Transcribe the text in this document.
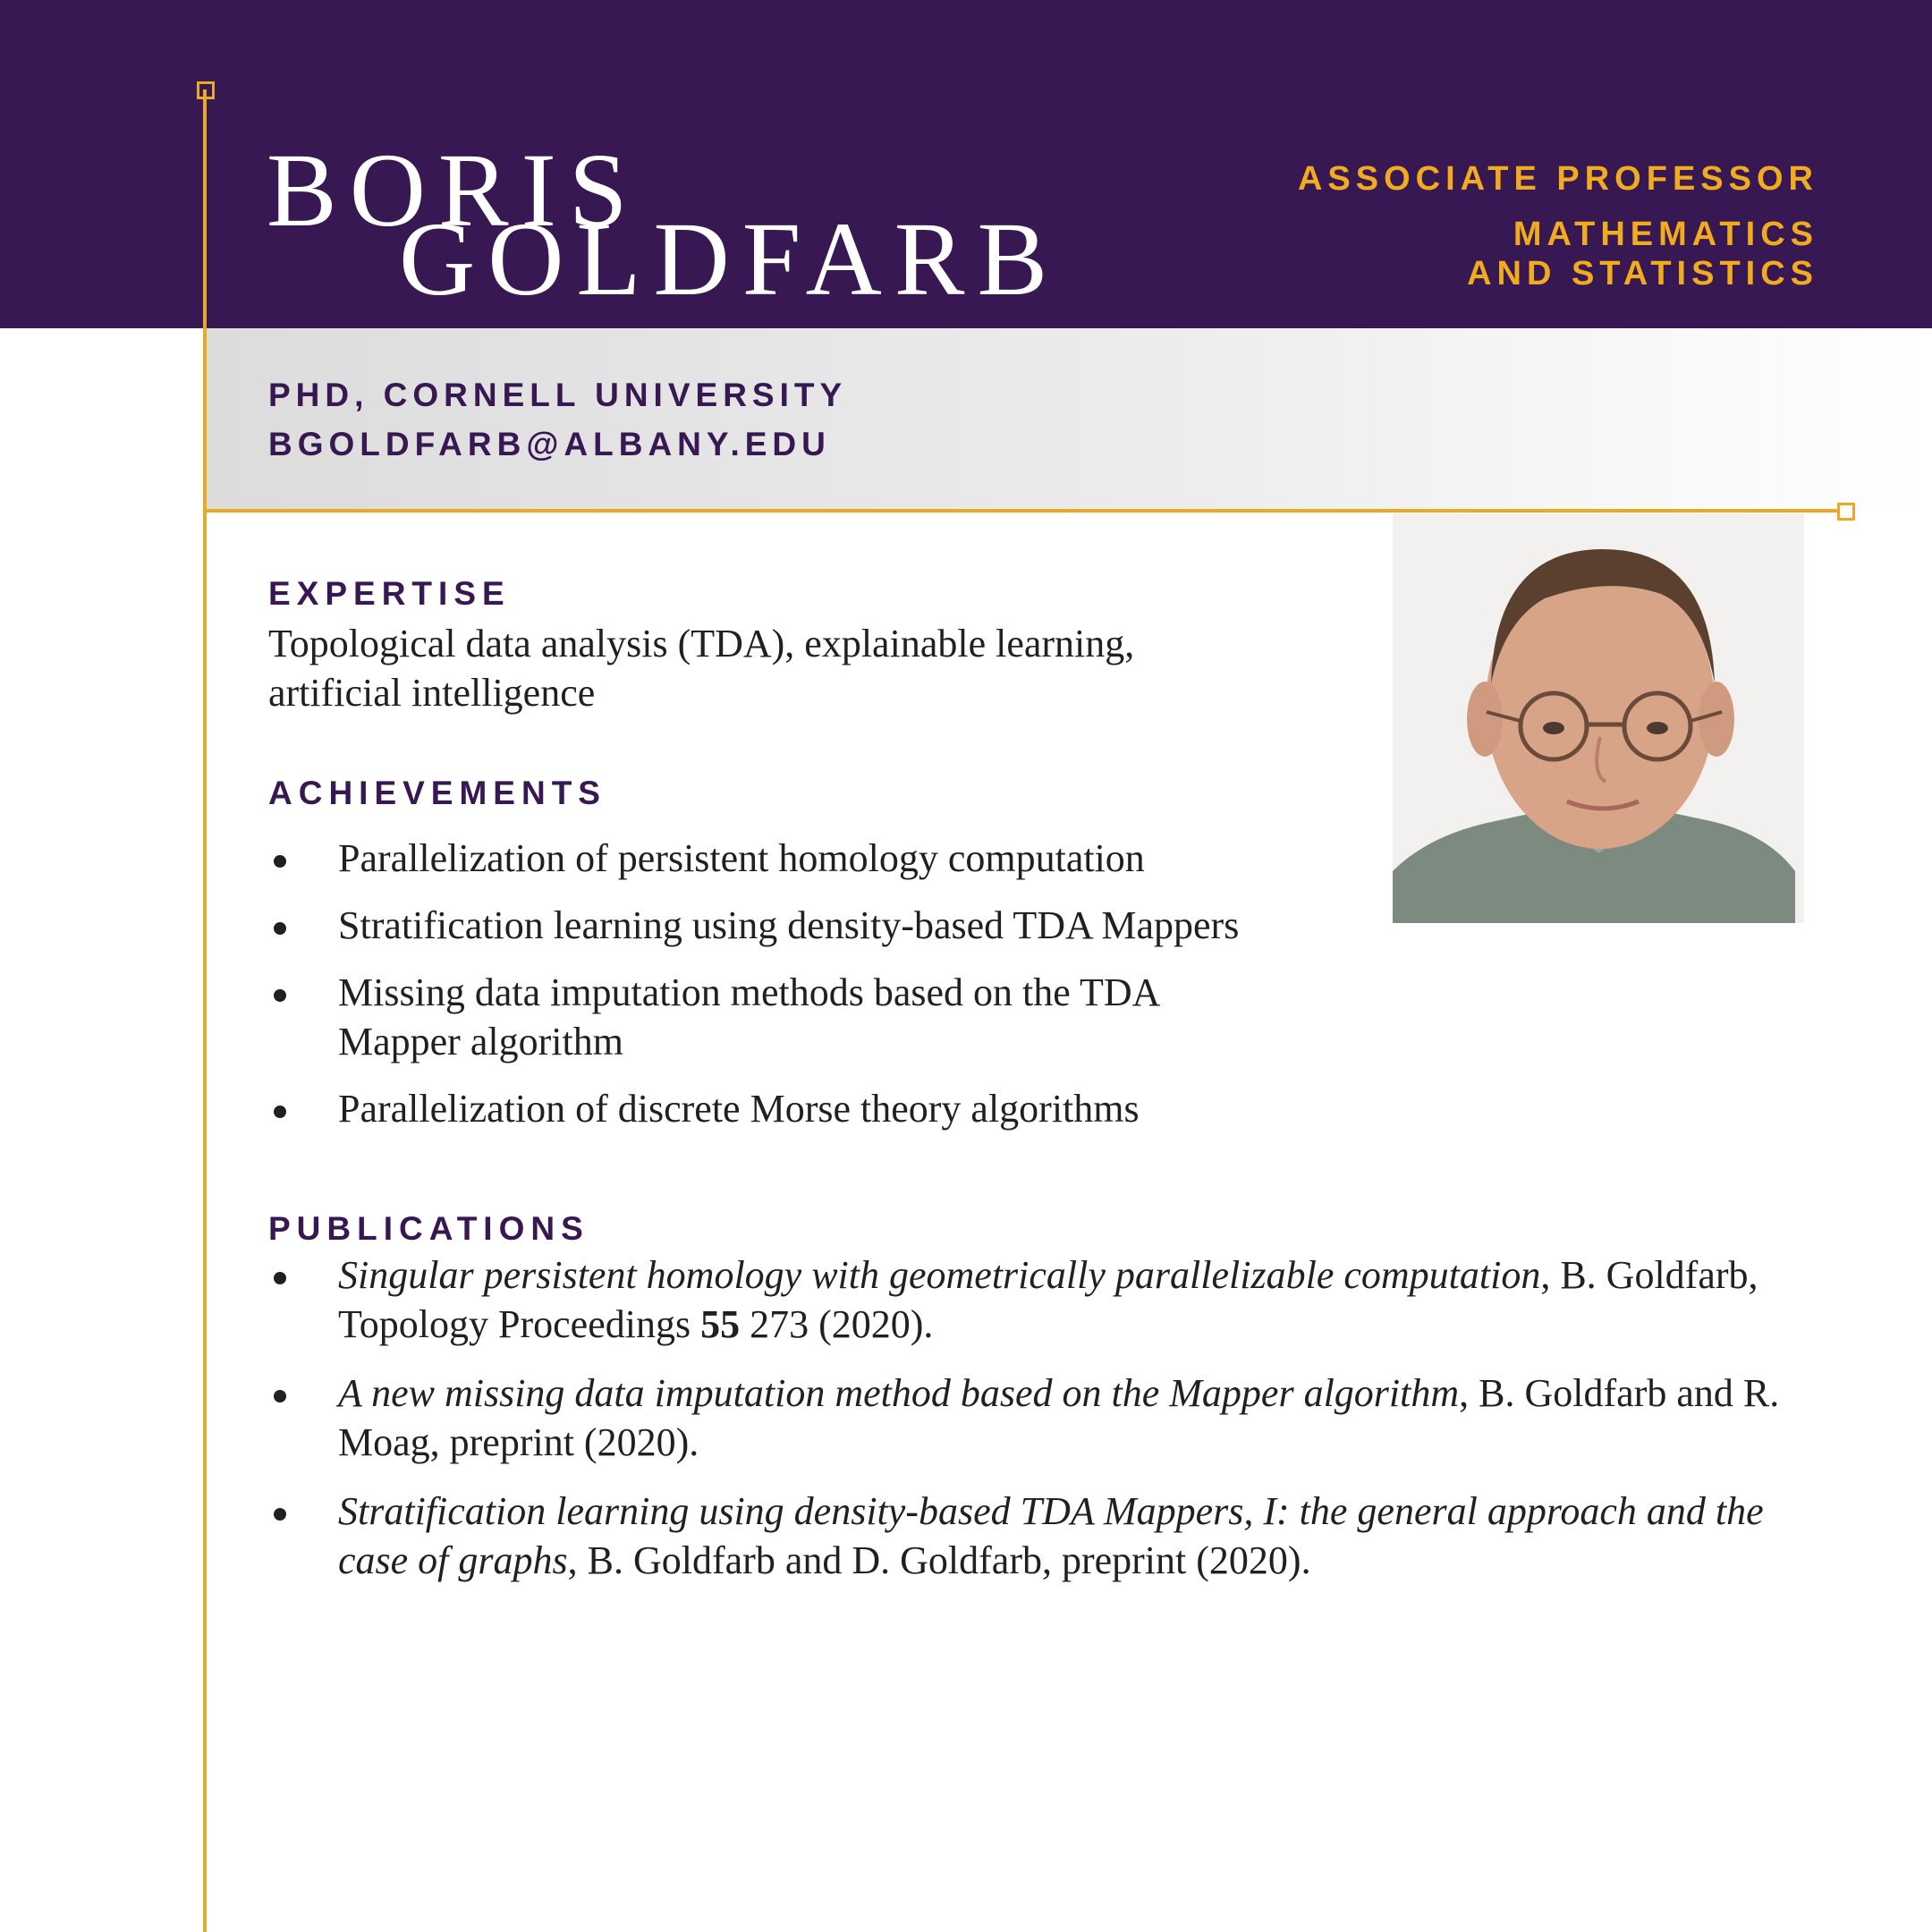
BORIS
GOLDFARB
ASSOCIATE PROFESSOR
MATHEMATICS
AND STATISTICS
PHD, CORNELL UNIVERSITY
BGOLDFARB@ALBANY.EDU
EXPERTISE
Topological data analysis (TDA), explainable learning,
artificial intelligence
ACHIEVEMENTS
Parallelization of persistent homology computation
Stratification learning using density-based TDA Mappers
Missing data imputation methods based on the TDA Mapper algorithm
Parallelization of discrete Morse theory algorithms
PUBLICATIONS
Singular persistent homology with geometrically parallelizable computation, B. Goldfarb, Topology Proceedings 55 273 (2020).
A new missing data imputation method based on the Mapper algorithm, B. Goldfarb and R. Moag, preprint (2020).
Stratification learning using density-based TDA Mappers, I: the general approach and the case of graphs, B. Goldfarb and D. Goldfarb, preprint (2020).
